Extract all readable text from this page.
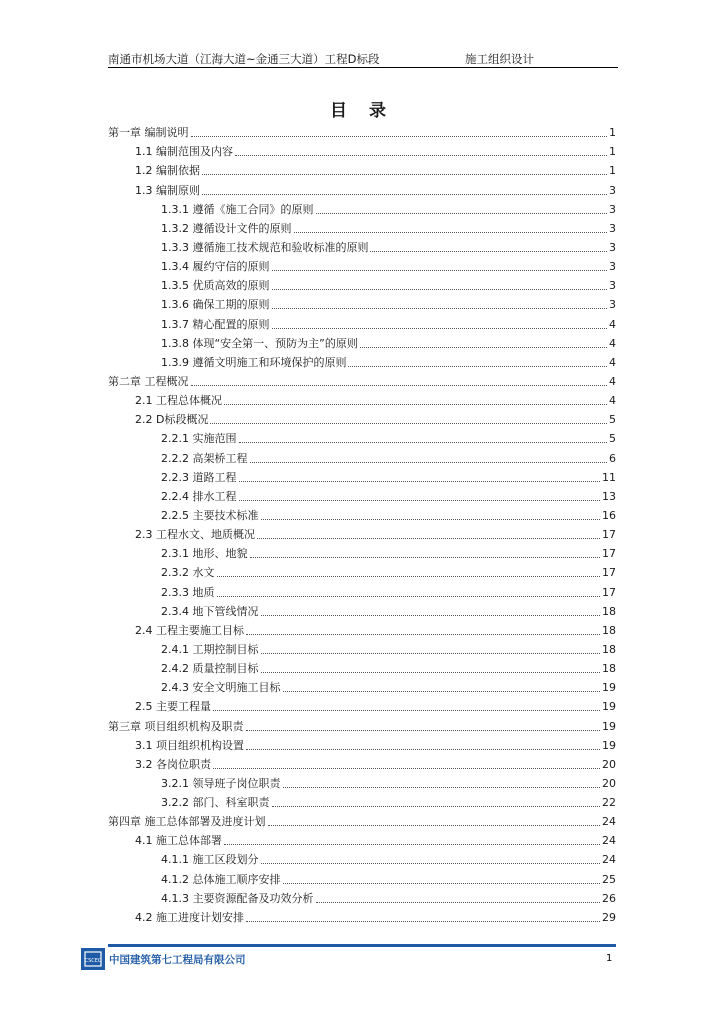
南通市机场大道（江海大道~金通三大道）工程D标段	施工组织设计
目 录
第一章 编制说明	1
1.1 编制范围及内容	1
1.2 编制依据	1
1.3 编制原则	3
1.3.1 遵循《施工合同》的原则	3
1.3.2 遵循设计文件的原则	3
1.3.3 遵循施工技术规范和验收标准的原则	3
1.3.4 履约守信的原则	3
1.3.5 优质高效的原则	3
1.3.6 确保工期的原则	3
1.3.7 精心配置的原则	4
1.3.8 体现“安全第一、预防为主”的原则	4
1.3.9 遵循文明施工和环境保护的原则	4
第二章 工程概况	4
2.1 工程总体概况	4
2.2 D标段概况	5
2.2.1 实施范围	5
2.2.2 高架桥工程	6
2.2.3 道路工程	11
2.2.4 排水工程	13
2.2.5 主要技术标准	16
2.3 工程水文、地质概况	17
2.3.1 地形、地貌	17
2.3.2 水文	17
2.3.3 地质	17
2.3.4 地下管线情况	18
2.4 工程主要施工目标	18
2.4.1 工期控制目标	18
2.4.2 质量控制目标	18
2.4.3 安全文明施工目标	19
2.5 主要工程量	19
第三章 项目组织机构及职责	19
3.1 项目组织机构设置	19
3.2 各岗位职责	20
3.2.1 领导班子岗位职责	20
3.2.2 部门、科室职责	22
第四章 施工总体部署及进度计划	24
4.1 施工总体部署	24
4.1.1 施工区段划分	24
4.1.2 总体施工顺序安排	25
4.1.3 主要资源配备及功效分析	26
4.2 施工进度计划安排	29
CSCEC 中国建筑第七工程局有限公司	1
